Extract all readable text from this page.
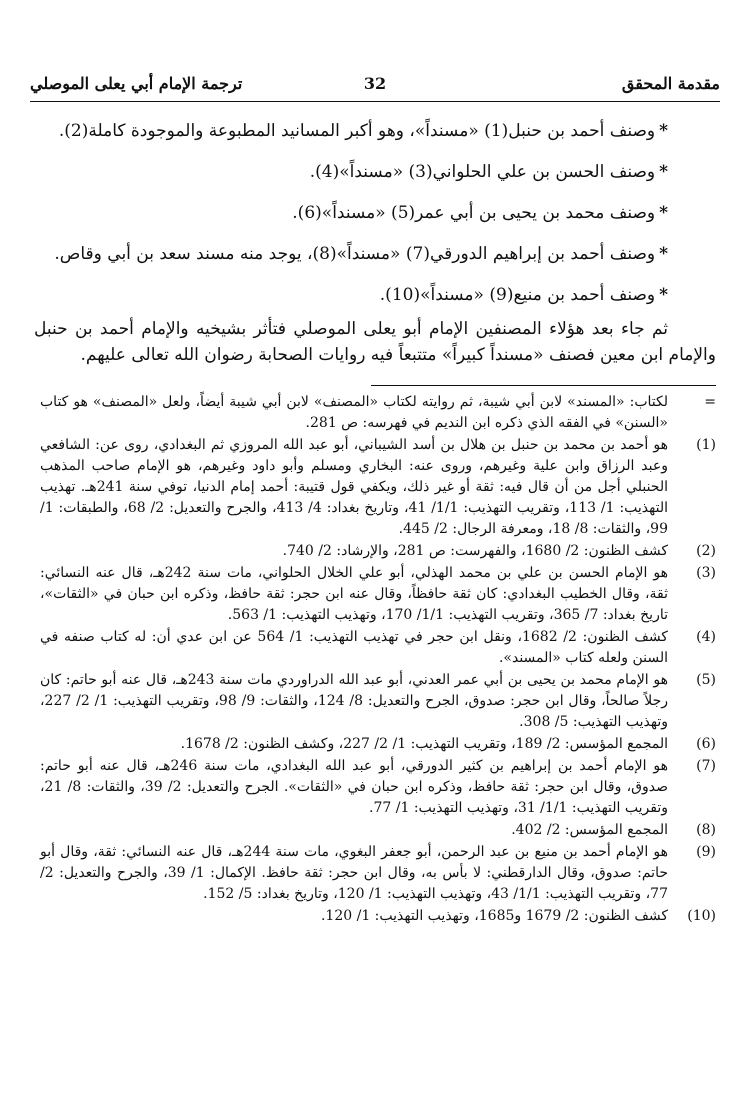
مقدمة المحقق
32
ترجمة الإمام أبي يعلى الموصلي
*وصنف أحمد بن حنبل(1) «مسنداً»، وهو أكبر المسانيد المطبوعة والموجودة كاملة(2).
*وصنف الحسن بن علي الحلواني(3) «مسنداً»(4).
*وصنف محمد بن يحيى بن أبي عمر(5) «مسنداً»(6).
*وصنف أحمد بن إبراهيم الدورقي(7) «مسنداً»(8)، يوجد منه مسند سعد بن أبي وقاص.
*وصنف أحمد بن منيع(9) «مسنداً»(10).
ثم جاء بعد هؤلاء المصنفين الإمام أبو يعلى الموصلي فتأثر بشيخيه والإمام أحمد بن حنبل والإمام ابن معين فصنف «مسنداً كبيراً» متتبعاً فيه روايات الصحابة رضوان الله تعالى عليهم.
=
لكتاب: «المسند» لابن أبي شيبة، ثم روايته لكتاب «المصنف» لابن أبي شيبة أيضاً، ولعل «المصنف» هو كتاب «السنن» في الفقه الذي ذكره ابن النديم في فهرسه: ص 281.
(1)
هو أحمد بن محمد بن حنبل بن هلال بن أسد الشيباني، أبو عبد الله المروزي ثم البغدادي، روى عن: الشافعي وعبد الرزاق وابن علية وغيرهم، وروى عنه: البخاري ومسلم وأبو داود وغيرهم، هو الإمام صاحب المذهب الحنبلي أجل من أن قال فيه: ثقة أو غير ذلك، ويكفي قول قتيبة: أحمد إمام الدنيا، توفي سنة 241هـ. تهذيب التهذيب: 1/ 113، وتقريب التهذيب: 1/1/ 41، وتاريخ بغداد: 4/ 413، والجرح والتعديل: 2/ 68، والطبقات: 1/ 99، والثقات: 8/ 18، ومعرفة الرجال: 2/ 445.
(2)
كشف الظنون: 2/ 1680، والفهرست: ص 281، والإرشاد: 2/ 740.
(3)
هو الإمام الحسن بن علي بن محمد الهذلي، أبو علي الخلال الحلواني، مات سنة 242هـ، قال عنه النسائي: ثقة، وقال الخطيب البغدادي: كان ثقة حافظاً، وقال عنه ابن حجر: ثقة حافظ، وذكره ابن حبان في «الثقات»، تاريخ بغداد: 7/ 365، وتقريب التهذيب: 1/1/ 170، وتهذيب التهذيب: 1/ 563.
(4)
كشف الظنون: 2/ 1682، ونقل ابن حجر في تهذيب التهذيب: 1/ 564 عن ابن عدي أن: له كتاب صنفه في السنن ولعله كتاب «المسند».
(5)
هو الإمام محمد بن يحيى بن أبي عمر العدني، أبو عبد الله الدراوردي مات سنة 243هـ، قال عنه أبو حاتم: كان رجلاً صالحاً، وقال ابن حجر: صدوق، الجرح والتعديل: 8/ 124، والثقات: 9/ 98، وتقريب التهذيب: 1/ 2/ 227، وتهذيب التهذيب: 5/ 308.
(6)
المجمع المؤسس: 2/ 189، وتقريب التهذيب: 1/ 2/ 227، وكشف الظنون: 2/ 1678.
(7)
هو الإمام أحمد بن إبراهيم بن كثير الدورقي، أبو عبد الله البغدادي، مات سنة 246هـ، قال عنه أبو حاتم: صدوق، وقال ابن حجر: ثقة حافظ، وذكره ابن حبان في «الثقات». الجرح والتعديل: 2/ 39، والثقات: 8/ 21، وتقريب التهذيب: 1/1/ 31، وتهذيب التهذيب: 1/ 77.
(8)
المجمع المؤسس: 2/ 402.
(9)
هو الإمام أحمد بن منيع بن عبد الرحمن، أبو جعفر البغوي، مات سنة 244هـ، قال عنه النسائي: ثقة، وقال أبو حاتم: صدوق، وقال الدارقطني: لا بأس به، وقال ابن حجر: ثقة حافظ. الإكمال: 1/ 39، والجرح والتعديل: 2/ 77، وتقريب التهذيب: 1/1/ 43، وتهذيب التهذيب: 1/ 120، وتاريخ بغداد: 5/ 152.
(10)
كشف الظنون: 2/ 1679 و1685، وتهذيب التهذيب: 1/ 120.
